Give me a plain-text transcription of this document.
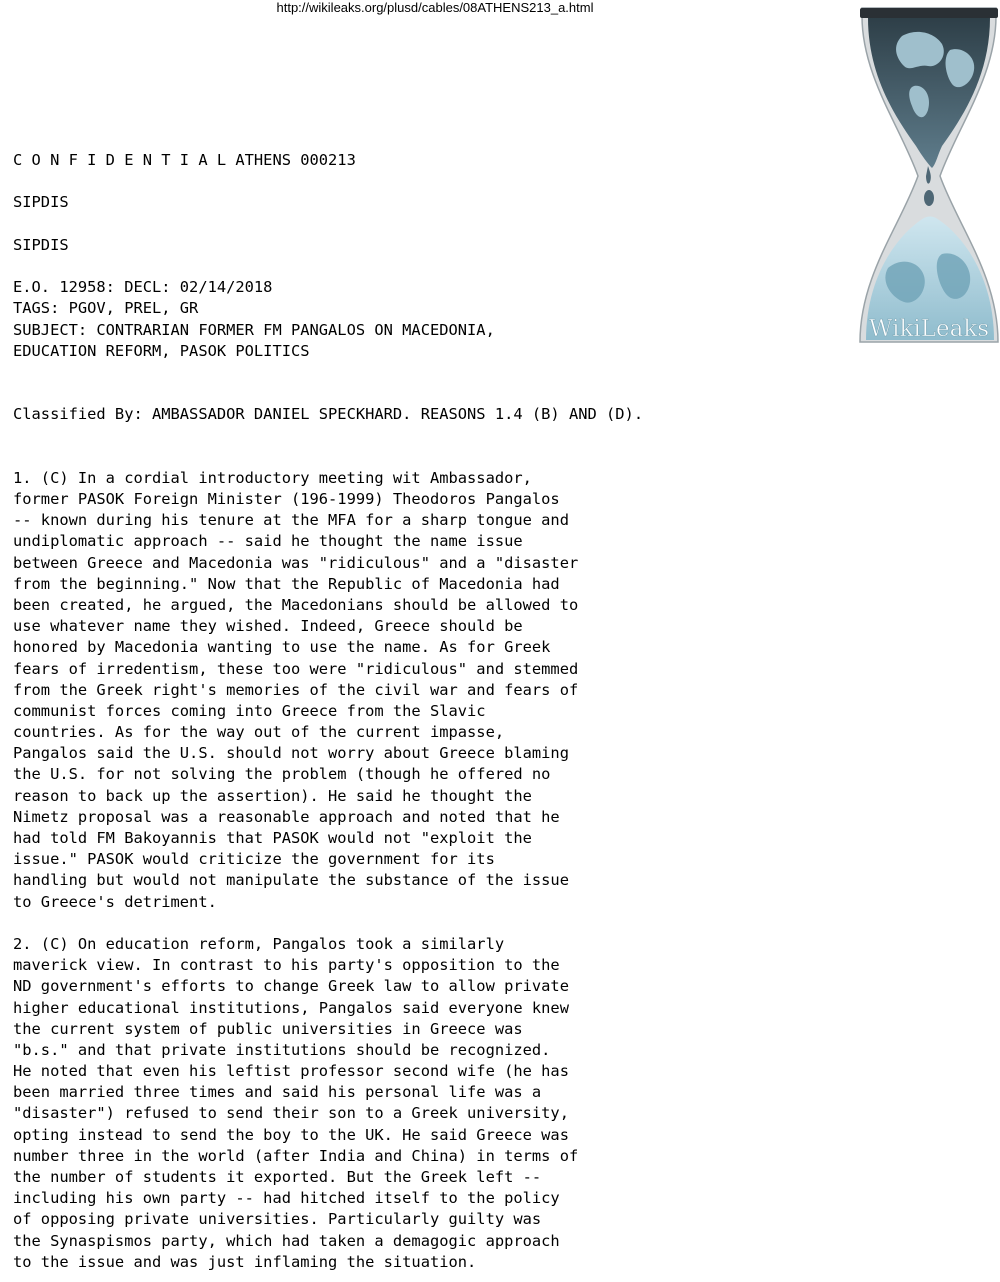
http://wikileaks.org/plusd/cables/08ATHENS213_a.html
WikiLeaks
C O N F I D E N T I A L ATHENS 000213
SIPDIS
SIPDIS
E.O. 12958: DECL: 02/14/2018
TAGS: PGOV, PREL, GR
SUBJECT: CONTRARIAN FORMER FM PANGALOS ON MACEDONIA,
EDUCATION REFORM, PASOK POLITICS
Classified By: AMBASSADOR DANIEL SPECKHARD. REASONS 1.4 (B) AND (D).
1. (C) In a cordial introductory meeting wit Ambassador,
former PASOK Foreign Minister (196-1999) Theodoros Pangalos
-- known during his tenure at the MFA for a sharp tongue and
undiplomatic approach -- said he thought the name issue
between Greece and Macedonia was "ridiculous" and a "disaster
from the beginning." Now that the Republic of Macedonia had
been created, he argued, the Macedonians should be allowed to
use whatever name they wished. Indeed, Greece should be
honored by Macedonia wanting to use the name. As for Greek
fears of irredentism, these too were "ridiculous" and stemmed
from the Greek right's memories of the civil war and fears of
communist forces coming into Greece from the Slavic
countries. As for the way out of the current impasse,
Pangalos said the U.S. should not worry about Greece blaming
the U.S. for not solving the problem (though he offered no
reason to back up the assertion). He said he thought the
Nimetz proposal was a reasonable approach and noted that he
had told FM Bakoyannis that PASOK would not "exploit the
issue." PASOK would criticize the government for its
handling but would not manipulate the substance of the issue
to Greece's detriment.
2. (C) On education reform, Pangalos took a similarly
maverick view. In contrast to his party's opposition to the
ND government's efforts to change Greek law to allow private
higher educational institutions, Pangalos said everyone knew
the current system of public universities in Greece was
"b.s." and that private institutions should be recognized.
He noted that even his leftist professor second wife (he has
been married three times and said his personal life was a
"disaster") refused to send their son to a Greek university,
opting instead to send the boy to the UK. He said Greece was
number three in the world (after India and China) in terms of
the number of students it exported. But the Greek left --
including his own party -- had hitched itself to the policy
of opposing private universities. Particularly guilty was
the Synaspismos party, which had taken a demagogic approach
to the issue and was just inflaming the situation.
